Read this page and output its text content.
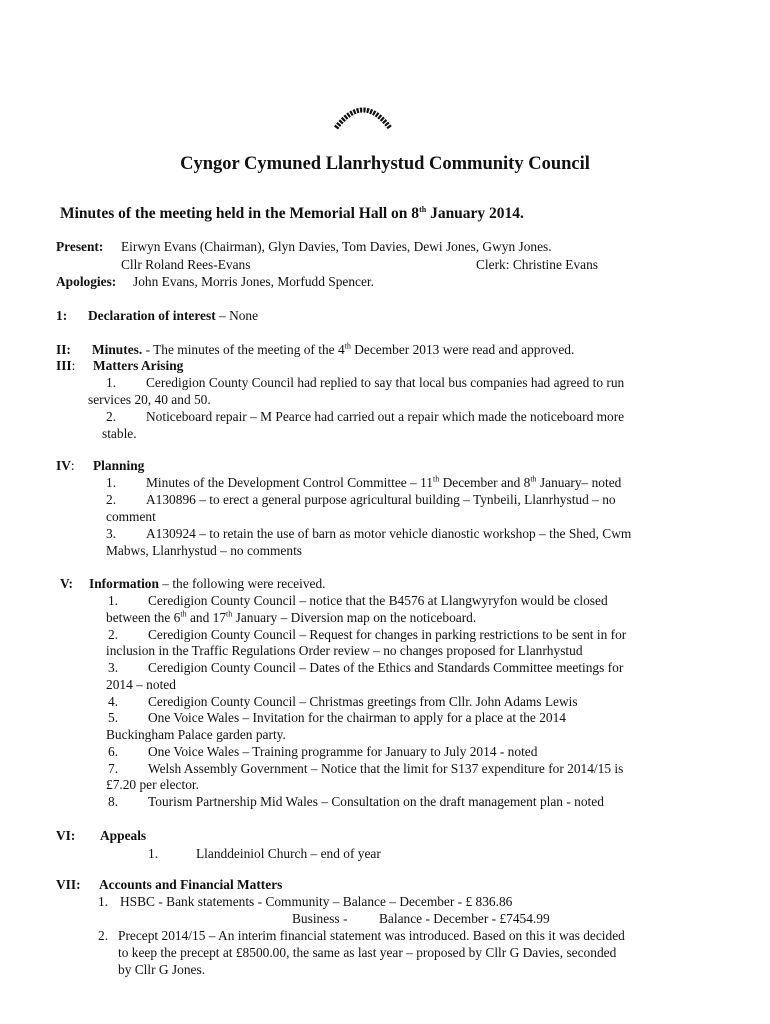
Cyngor Cymuned Llanrhystud Community Council
Minutes of the meeting held in the Memorial Hall on 8th January 2014.
Present: Eirwyn Evans (Chairman), Glyn Davies, Tom Davies, Dewi Jones, Gwyn Jones.
Cllr Roland Rees-Evans	Clerk: Christine Evans
Apologies: John Evans, Morris Jones, Morfudd Spencer.
1: Declaration of interest – None
II: Minutes. - The minutes of the meeting of the 4th December 2013 were read and approved.
III: Matters Arising
1. Ceredigion County Council had replied to say that local bus companies had agreed to run
services 20, 40 and 50.
2. Noticeboard repair – M Pearce had carried out a repair which made the noticeboard more
stable.
IV: Planning
1. Minutes of the Development Control Committee – 11th December and 8th January– noted
2. A130896 – to erect a general purpose agricultural building – Tynbeili, Llanrhystud – no
comment
3. A130924 – to retain the use of barn as motor vehicle dianostic workshop – the Shed, Cwm
Mabws, Llanrhystud – no comments
V: Information – the following were received.
1. Ceredigion County Council – notice that the B4576 at Llangwyryfon would be closed
between the 6th and 17th January – Diversion map on the noticeboard.
2. Ceredigion County Council – Request for changes in parking restrictions to be sent in for
inclusion in the Traffic Regulations Order review – no changes proposed for Llanrhystud
3. Ceredigion County Council – Dates of the Ethics and Standards Committee meetings for
2014 – noted
4. Ceredigion County Council – Christmas greetings from Cllr. John Adams Lewis
5. One Voice Wales – Invitation for the chairman to apply for a place at the 2014
Buckingham Palace garden party.
6. One Voice Wales – Training programme for January to July 2014 - noted
7. Welsh Assembly Government – Notice that the limit for S137 expenditure for 2014/15 is
£7.20 per elector.
8. Tourism Partnership Mid Wales – Consultation on the draft management plan - noted
VI: Appeals
1.	Llanddeiniol Church – end of year
VII: Accounts and Financial Matters
1. HSBC - Bank statements - Community – Balance – December - £ 836.86
Business - Balance - December - £7454.99
2. Precept 2014/15 – An interim financial statement was introduced. Based on this it was decided
to keep the precept at £8500.00, the same as last year – proposed by Cllr G Davies, seconded
by Cllr G Jones.
